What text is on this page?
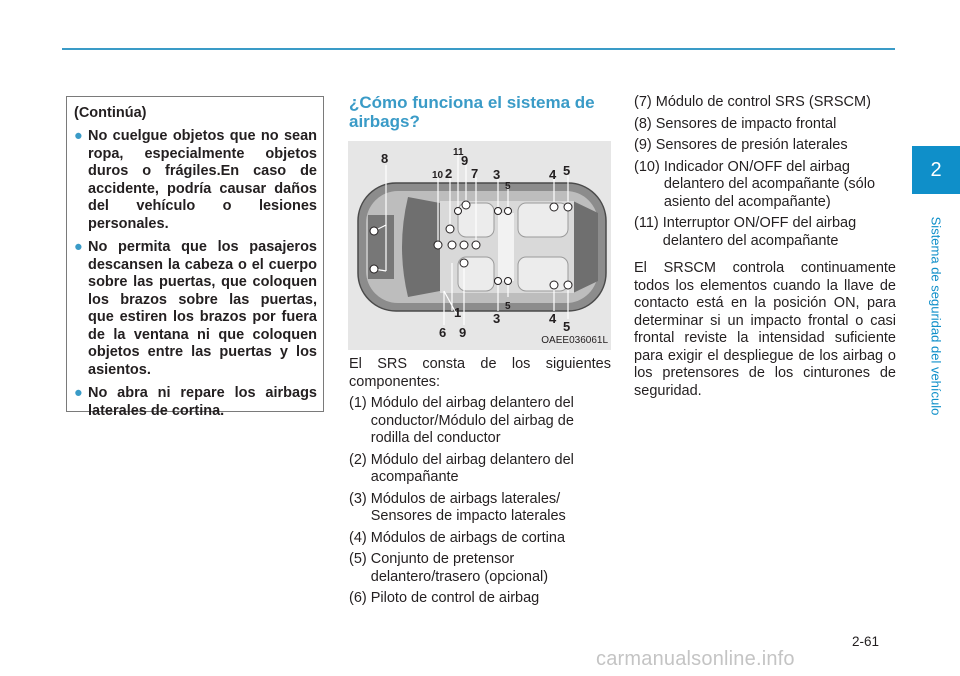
(Continúa)
● No cuelgue objetos que no sean ropa, especialmente objetos duros o frágiles.En caso de accidente, podría causar daños del vehículo o lesiones personales.
● No permita que los pasajeros descansen la cabeza o el cuerpo sobre las puertas, que coloquen los brazos sobre las puertas, que estiren los brazos por fuera de la ventana ni que coloquen objetos entre las puertas y los asientos.
● No abra ni repare los airbags laterales de cortina.
¿Cómo funciona el sistema de airbags?
8	11
9
10 2 7 3
5
4 5
1 3
5
4
5
6 9
OAEE036061L

El SRS consta de los siguientes componentes:

(1) Módulo del airbag delantero del conductor/Módulo del airbag de rodilla del conductor
(2) Módulo del airbag delantero del acompañante
(3) Módulos de airbags laterales/ Sensores de impacto laterales
(4) Módulos de airbags de cortina
(5) Conjunto de pretensor delantero/trasero (opcional)
(6) Piloto de control de airbag
(7) Módulo de control SRS (SRSCM)
(8) Sensores de impacto frontal
(9) Sensores de presión laterales
(10) Indicador ON/OFF del airbag delantero del acompañante (sólo asiento del acompañante)
(11) Interruptor ON/OFF del airbag delantero del acompañante

El SRSCM controla continuamente todos los elementos cuando la llave de contacto está en la posición ON, para determinar si un impacto frontal o casi frontal reviste la intensidad suficiente para exigir el despliegue de los airbag o los pretensores de los cinturones de seguridad.

2
Sistema de seguridad del vehículo
2-61
carmanualsonline.info
